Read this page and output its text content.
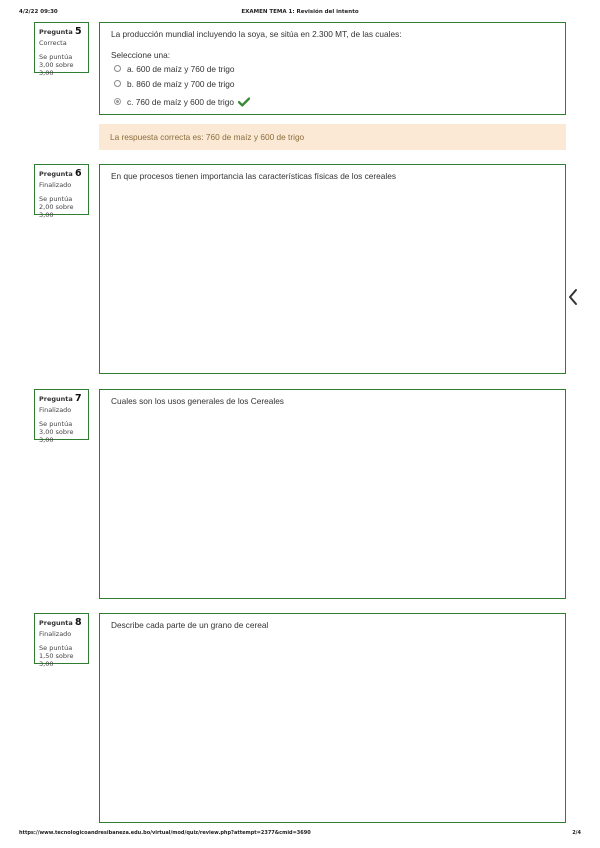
4/2/22 09:30	EXAMEN TEMA 1: Revisión del intento
Pregunta 5
Correcta
Se puntúa 3,00 sobre 3,00
La producción mundial incluyendo la soya, se sitúa en 2.300 MT, de las cuales:
Seleccione una:
a. 600 de maíz y 760 de trigo
b. 860 de maíz y 700 de trigo
c. 760 de maíz y 600 de trigo
La respuesta correcta es: 760 de maíz y 600 de trigo
Pregunta 6
Finalizado
Se puntúa 2,00 sobre 3,00
En que procesos tienen importancia las características físicas de los cereales
Pregunta 7
Finalizado
Se puntúa 3,00 sobre 3,00
Cuales son los usos generales de los Cereales
Pregunta 8
Finalizado
Se puntúa 1,50 sobre 3,00
Describe cada parte de un grano de cereal
https://www.tecnologicoandresibaneza.edu.bo/virtual/mod/quiz/review.php?attempt=2377&cmid=3690	2/4
